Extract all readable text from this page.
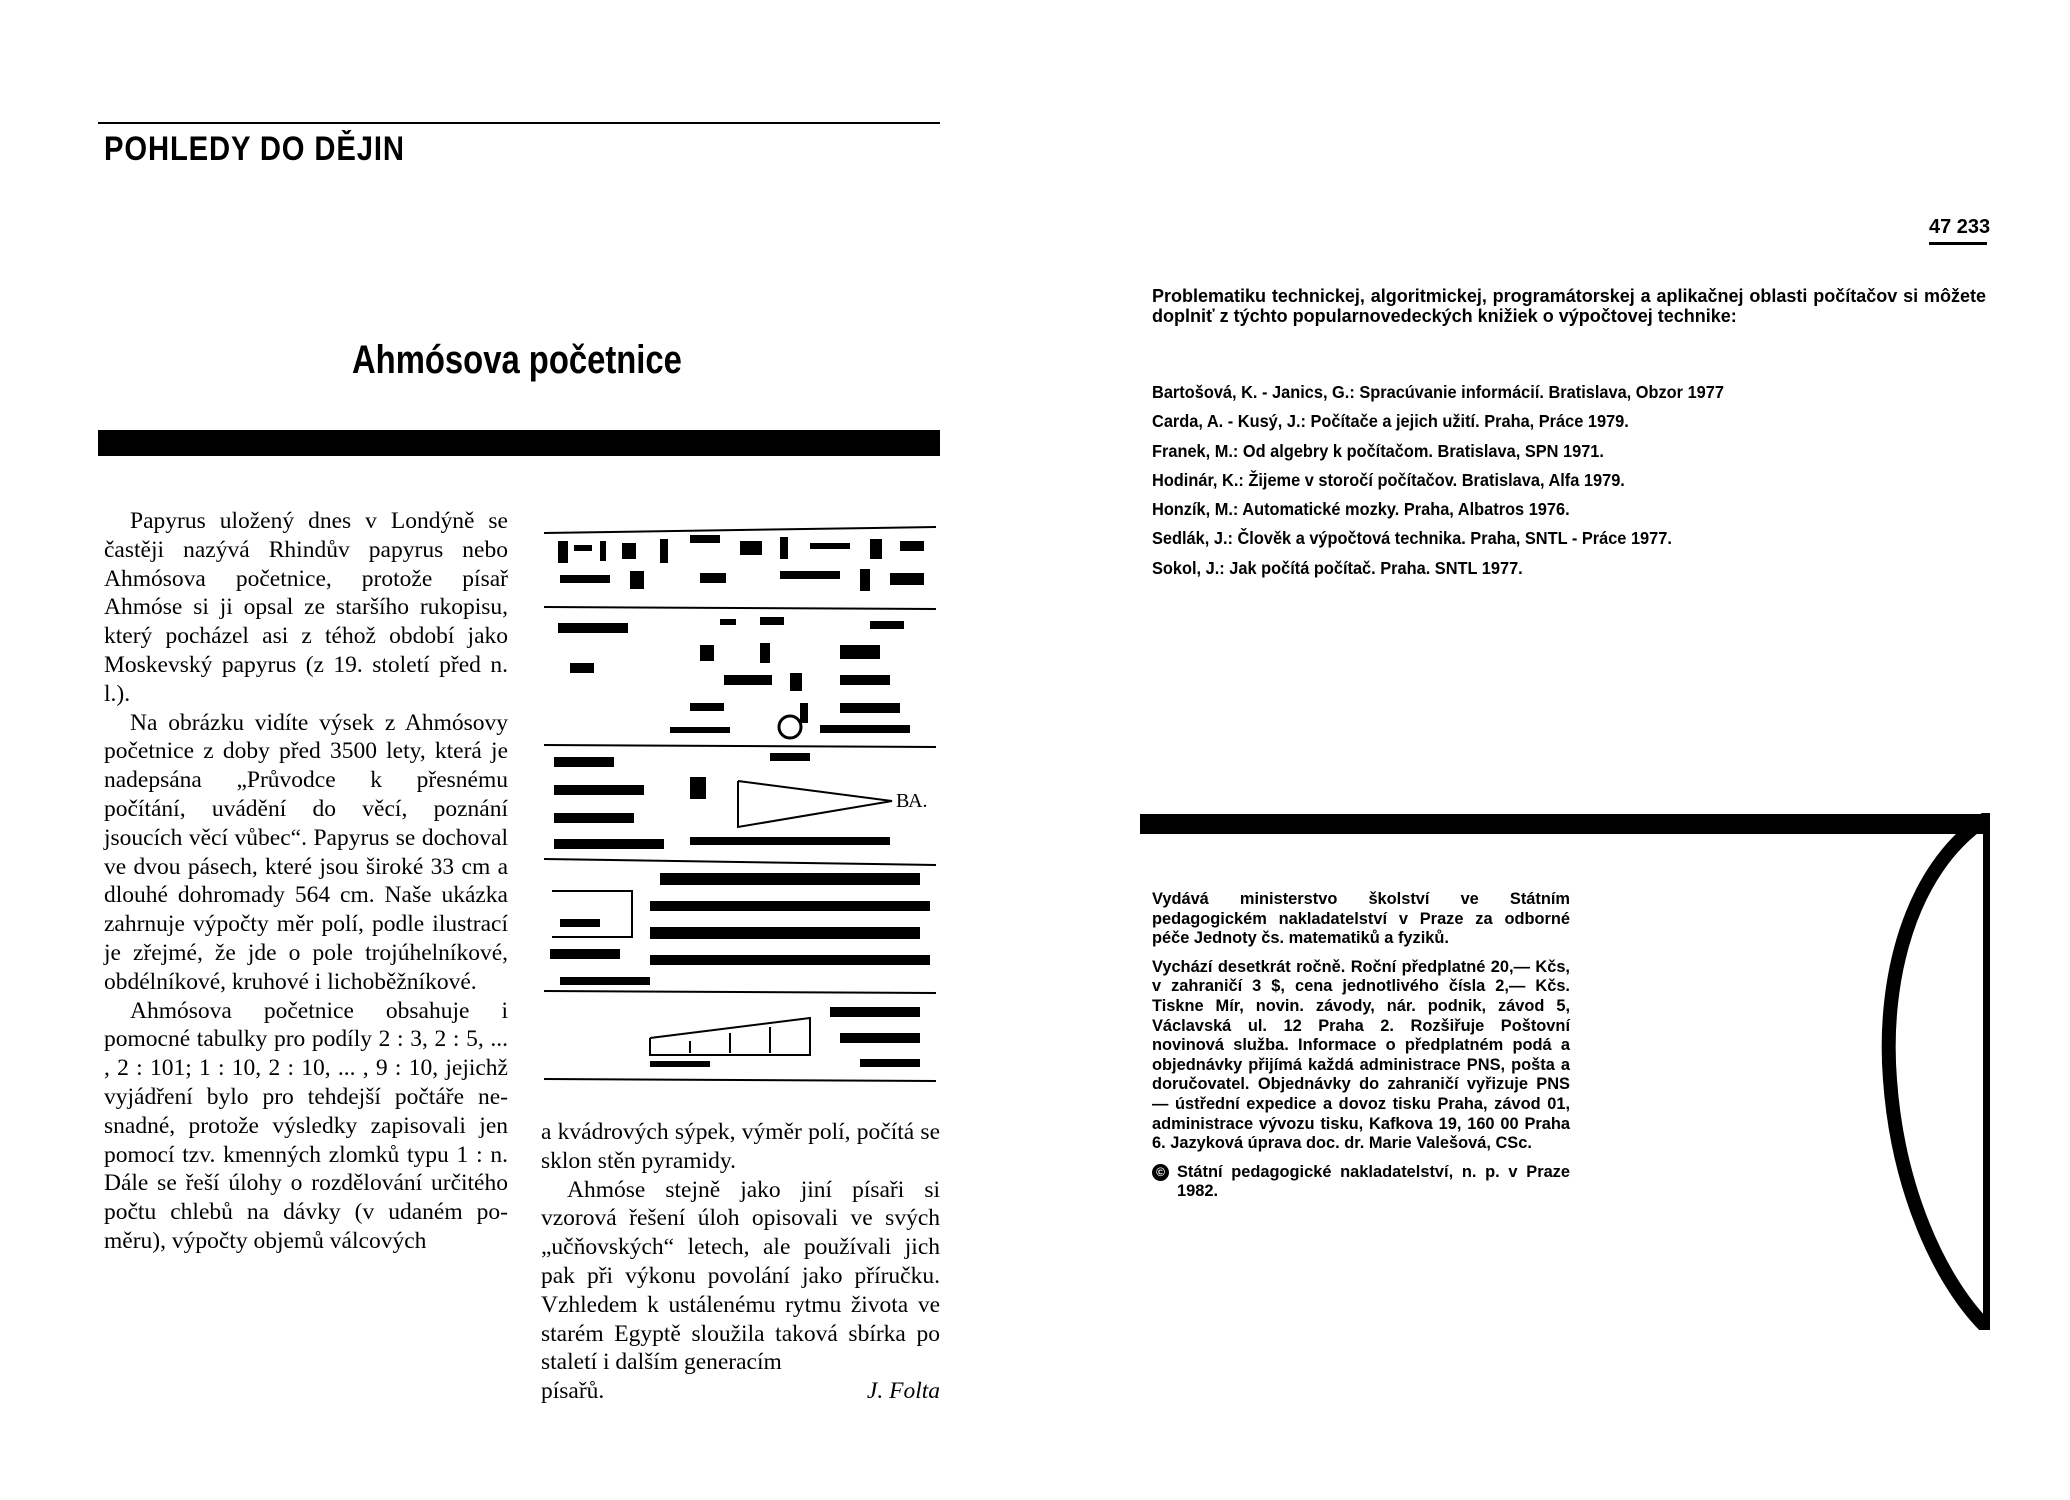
POHLEDY DO DĚJIN
Ahmósova početnice

Papyrus uložený dnes v Londýně se častěji nazývá Rhindův papyrus nebo Ahmósova početnice, protože písař Ahmóse si ji opsal ze staršího rukopisu, který pocházel asi z téhož období jako Moskevský papyrus (z 19. století před n. l.).

Na obrázku vidíte výsek z Ahmósovy početnice z doby před 3500 lety, která je nadepsána „Průvodce k přesnému počítání, uvádění do věcí, poznání jsoucích věcí vůbec“. Papyrus se dochoval ve dvou pásech, které jsou široké 33 cm a dlouhé dohromady 564 cm. Naše ukázka zahrnuje výpočty měr polí, podle ilustrací je zřejmé, že jde o pole trojúhelníkové, obdélníkové, kruhové i lichoběžníkové.

Ahmósova početnice obsahuje i pomocné tabulky pro podíly 2 : 3, 2 : 5, ... , 2 : 101; 1 : 10, 2 : 10, ... , 9 : 10, jejichž vyjádření bylo pro tehdejší počtáře nesnadné, protože výsledky zapisovali jen pomocí tzv. kmenných zlomků typu 1 : n. Dále se řeší úlohy o rozdělování určitého počtu chlebů na dávky (v udaném poměru), výpočty objemů válcových

ВА.

a kvádrových sýpek, výměr polí, počítá se sklon stěn pyramidy.

Ahmóse stejně jako jiní písaři si vzorová řešení úloh opisovali ve svých „učňovských“ letech, ale používali jich pak při výkonu povolání jako příručku. Vzhledem k ustálenému rytmu života ve starém Egyptě sloužila taková sbírka po staletí i dalším generacím

písařů.	J. Folta
47 233
Problematiku technickej, algoritmickej, programátorskej a aplikačnej oblasti počítačov si môžete doplniť z týchto popularnovedeckých knižiek o výpočtovej technike:
Bartošová, K. - Janics, G.: Spracúvanie informácií. Bratislava, Obzor 1977
Carda, A. - Kusý, J.: Počítače a jejich užití. Praha, Práce 1979.
Franek, M.: Od algebry k počítačom. Bratislava, SPN 1971.
Hodinár, K.: Žijeme v storočí počítačov. Bratislava, Alfa 1979.
Honzík, M.: Automatické mozky. Praha, Albatros 1976.
Sedlák, J.: Člověk a výpočtová technika. Praha, SNTL - Práce 1977.
Sokol, J.: Jak počítá počítač. Praha. SNTL 1977.

Vydává ministerstvo školství ve Státním pedagogickém nakladatelství v Praze za odborné péče Jednoty čs. matematiků a fyziků.

Vychází desetkrát ročně. Roční předplatné 20,— Kčs, v zahraničí 3 $, cena jednotlivého čísla 2,— Kčs. Tiskne Mír, novin. závody, nár. podnik, závod 5, Václavská ul. 12 Praha 2. Rozšiřuje Poštovní novinová služba. Informace o předplatném podá a objednávky přijímá každá administrace PNS, pošta a doručovatel. Objednávky do zahraničí vyřizuje PNS — ústřední expedice a dovoz tisku Praha, závod 01, administrace vývozu tisku, Kafkova 19, 160 00 Praha 6. Jazyková úprava doc. dr. Marie Valešová, CSc.

© Státní pedagogické nakladatelství, n. p. v Praze 1982.
